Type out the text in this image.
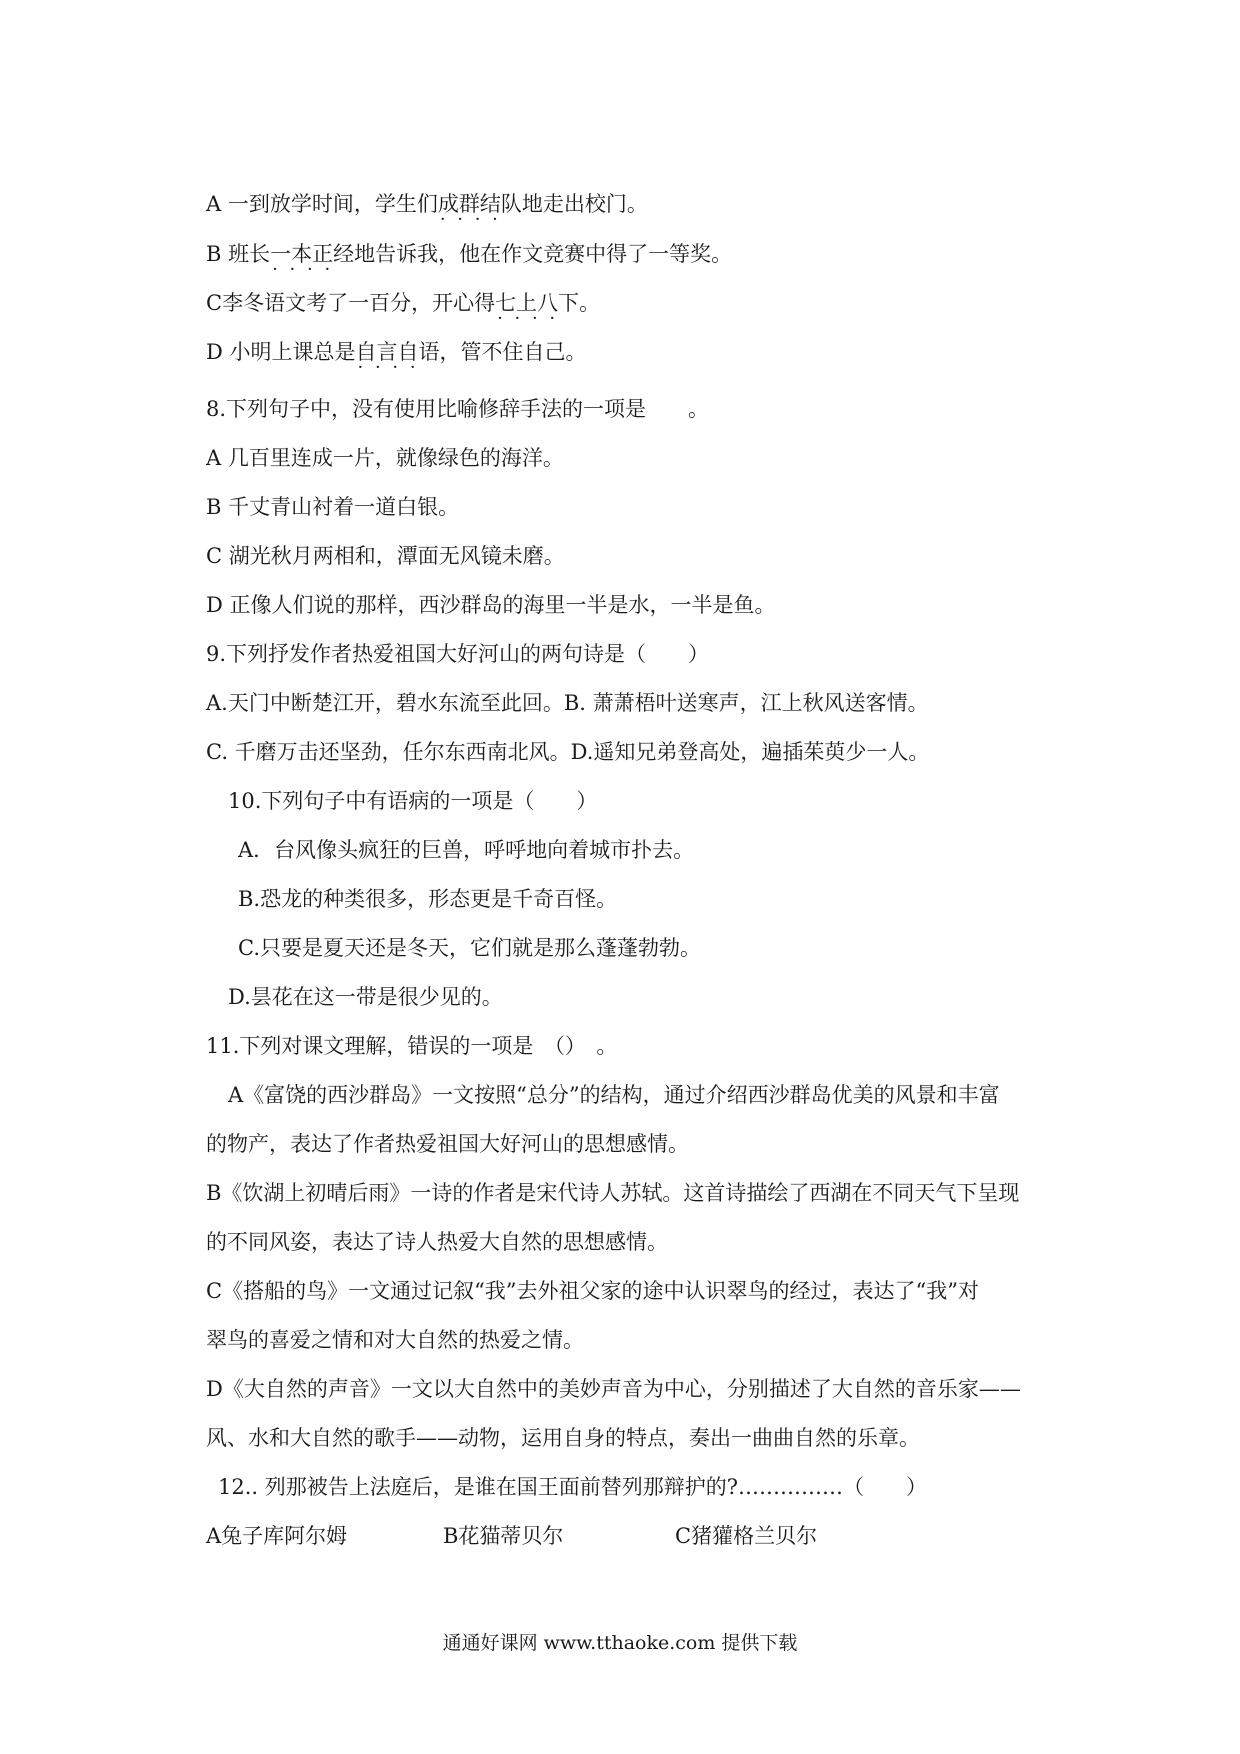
A 一到放学时间，学生们成群结队 · · · ·地走出校门。
B 班长一本正经 · · · ·地告诉我，他在作文竞赛中得了一等奖。
C李冬语文考了一百分，开心得七上八下 · · · ·。
D 小明上课总是自言自语 · · · ·，管不住自己。
8.下列句子中，没有使用比喻修辞手法的一项是　　。
A 几百里连成一片，就像绿色的海洋。
B 千丈青山衬着一道白银。
C 湖光秋月两相和，潭面无风镜未磨。
D 正像人们说的那样，西沙群岛的海里一半是水，一半是鱼。
9.下列抒发作者热爱祖国大好河山的两句诗是（　　）
A.天门中断楚江开，碧水东流至此回。B. 萧萧梧叶送寒声，江上秋风送客情。
C. 千磨万击还坚劲，任尔东西南北风。D.遥知兄弟登高处，遍插茱萸少一人。
10.下列句子中有语病的一项是（　　）
A．台风像头疯狂的巨兽，呼呼地向着城市扑去。
B.恐龙的种类很多，形态更是千奇百怪。
C.只要是夏天还是冬天，它们就是那么蓬蓬勃勃。
D.昙花在这一带是很少见的。
11.下列对课文理解，错误的一项是　（）　。
A《富饶的西沙群岛》一文按照“总分”的结构，通过介绍西沙群岛优美的风景和丰富
的物产，表达了作者热爱祖国大好河山的思想感情。
B《饮湖上初晴后雨》一诗的作者是宋代诗人苏轼。这首诗描绘了西湖在不同天气下呈现
的不同风姿，表达了诗人热爱大自然的思想感情。
C《搭船的鸟》一文通过记叙“我”去外祖父家的途中认识翠鸟的经过，表达了“我”对
翠鸟的喜爱之情和对大自然的热爱之情。
D《大自然的声音》一文以大自然中的美妙声音为中心，分别描述了大自然的音乐家——
风、水和大自然的歌手——动物，运用自身的特点，奏出一曲曲自然的乐章。
12.. 列那被告上法庭后，是谁在国王面前替列那辩护的?……………（　　）
A兔子库阿尔姆	B花猫蒂贝尔	C猪獾格兰贝尔
通通好课网 www.tthaoke.com 提供下载
